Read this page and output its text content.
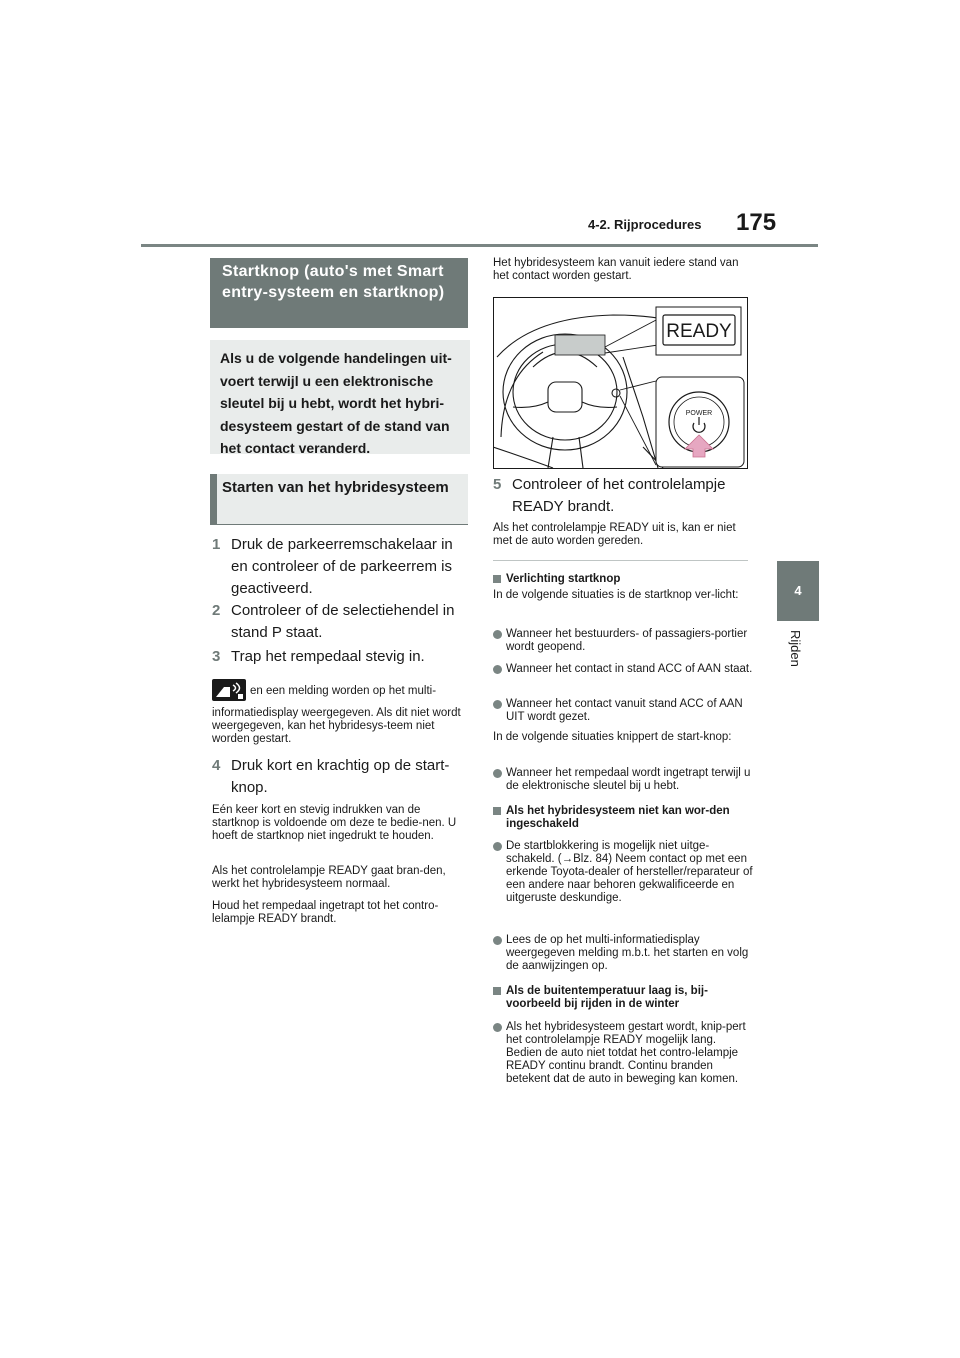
4-2. Rijprocedures 175
4
Rijden
Startknop (auto's met Smart entry-systeem en startknop)
Als u de volgende handelingen uit-voert terwijl u een elektronische sleutel bij u hebt, wordt het hybri-desysteem gestart of de stand van het contact veranderd.
Starten van het hybridesysteem
1 Druk de parkeerremschakelaar in en controleer of de parkeerrem is geactiveerd.
2 Controleer of de selectiehendel in stand P staat.
3 Trap het rempedaal stevig in.
en een melding worden op het multi-
informatiedisplay weergegeven. Als dit niet wordt weergegeven, kan het hybridesys-teem niet worden gestart.
4 Druk kort en krachtig op de start-knop.
Eén keer kort en stevig indrukken van de startknop is voldoende om deze te bedie-nen. U hoeft de startknop niet ingedrukt te houden.
Als het controlelampje READY gaat bran-den, werkt het hybridesysteem normaal.
Houd het rempedaal ingetrapt tot het contro-lelampje READY brandt.
Het hybridesysteem kan vanuit iedere stand van het contact worden gestart.
READY
POWER
5 Controleer of het controlelampje READY brandt.
Als het controlelampje READY uit is, kan er niet met de auto worden gereden.
Verlichting startknop
In de volgende situaties is de startknop ver-licht:
Wanneer het bestuurders- of passagiers-portier wordt geopend.
Wanneer het contact in stand ACC of AAN staat.
Wanneer het contact vanuit stand ACC of AAN UIT wordt gezet.
In de volgende situaties knippert de start-knop:
Wanneer het rempedaal wordt ingetrapt terwijl u de elektronische sleutel bij u hebt.
Als het hybridesysteem niet kan wor-den ingeschakeld
De startblokkering is mogelijk niet uitge-schakeld. (→Blz. 84) Neem contact op met een erkende Toyota-dealer of hersteller/reparateur of een andere naar behoren gekwalificeerde en uitgeruste deskundige.
Lees de op het multi-informatiedisplay weergegeven melding m.b.t. het starten en volg de aanwijzingen op.
Als de buitentemperatuur laag is, bij-voorbeeld bij rijden in de winter
Als het hybridesysteem gestart wordt, knip-pert het controlelampje READY mogelijk lang. Bedien de auto niet totdat het contro-lelampje READY continu brandt. Continu branden betekent dat de auto in beweging kan komen.
